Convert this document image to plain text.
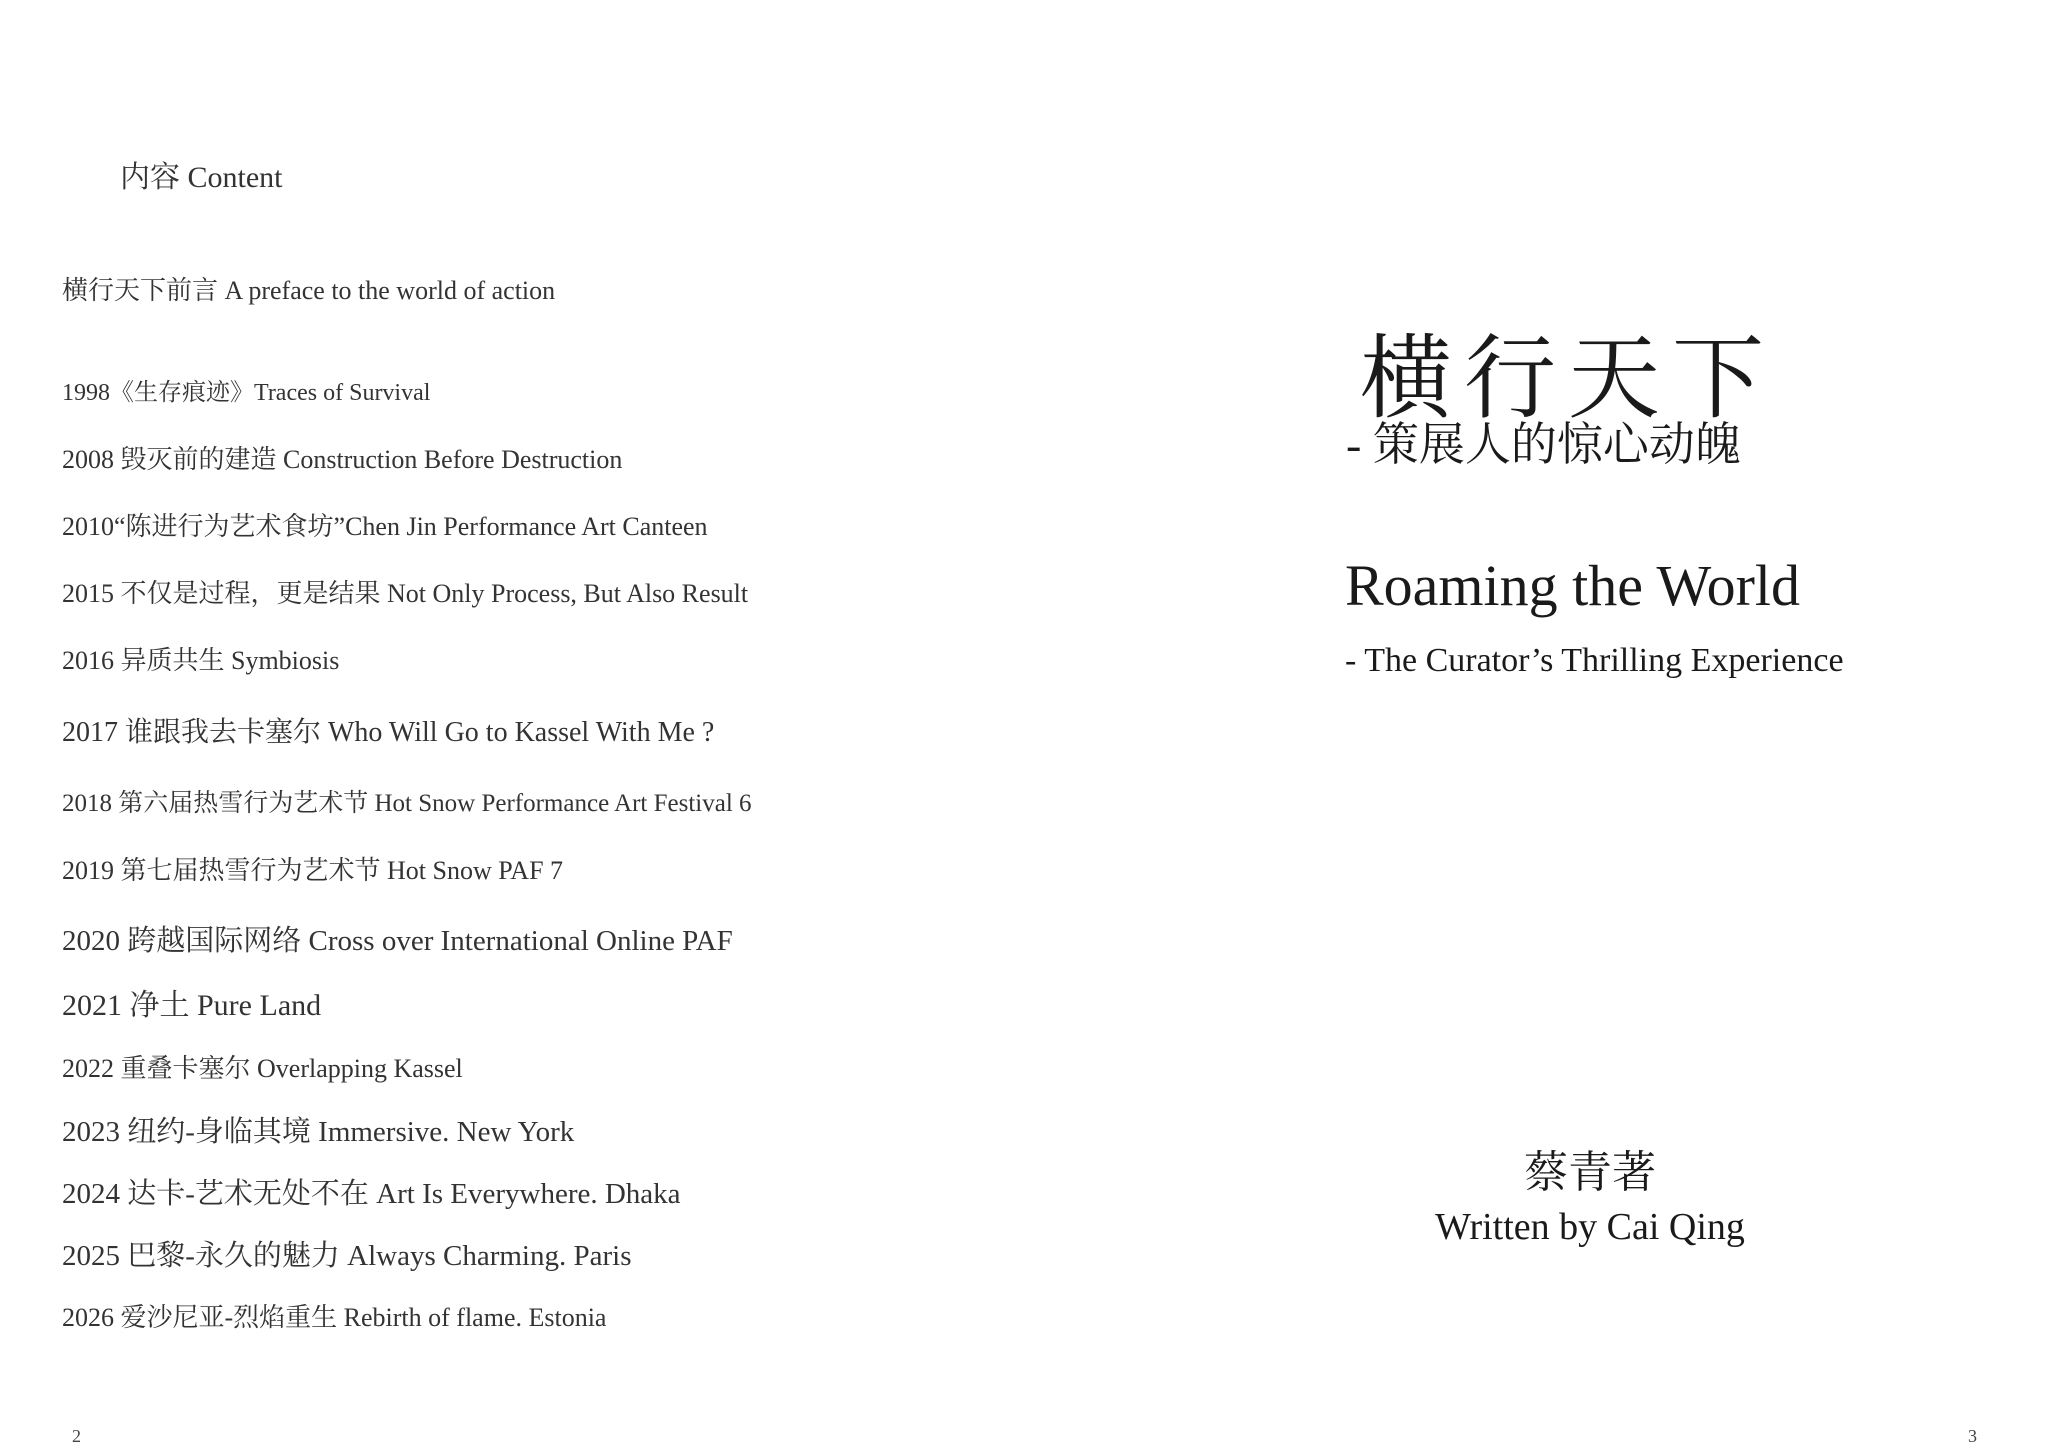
内容 Content
横行天下前言 A preface to the world of action
1998《生存痕迹》Traces of Survival
2008 毁灭前的建造 Construction Before Destruction
2010“陈进行为艺术食坊”Chen Jin Performance Art Canteen
2015 不仅是过程，更是结果 Not Only Process, But Also Result
2016 异质共生 Symbiosis
2017 谁跟我去卡塞尔 Who Will Go to Kassel With Me ?
2018 第六届热雪行为艺术节 Hot Snow Performance Art Festival 6
2019 第七届热雪行为艺术节 Hot Snow PAF 7
2020 跨越国际网络 Cross over International Online PAF
2021 净土 Pure Land
2022 重叠卡塞尔 Overlapping Kassel
2023 纽约-身临其境 Immersive. New York
2024 达卡-艺术无处不在 Art Is Everywhere. Dhaka
2025 巴黎-永久的魅力 Always Charming. Paris
2026 爱沙尼亚-烈焰重生 Rebirth of flame. Estonia
2
横行天下
- 策展人的惊心动魄
Roaming the World
- The Curator’s Thrilling Experience
蔡青著
Written by Cai Qing
3
